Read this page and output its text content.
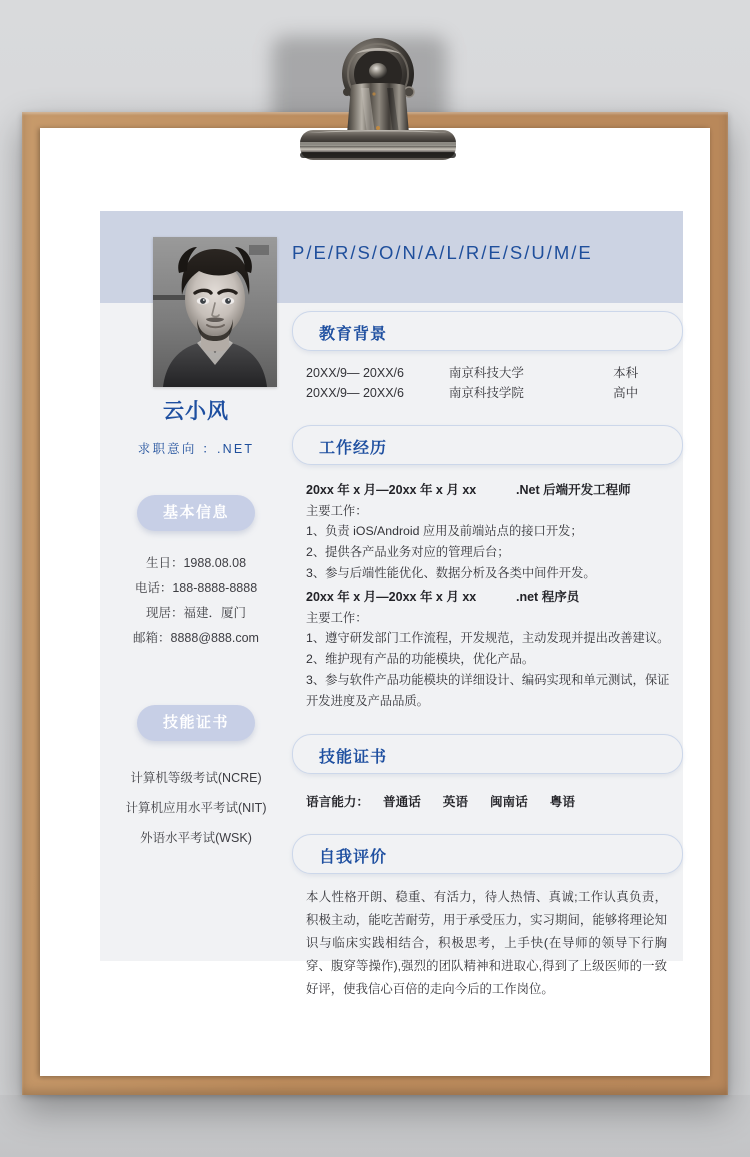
P/E/R/S/O/N/A/L/R/E/S/U/M/E
云小风
求职意向 ：.NET
基本信息
生日：1988.08.08
电话：188-8888-8888
现居：福建．厦门
邮箱：8888@888.com
技能证书
计算机等级考试(NCRE)
计算机应用水平考试(NIT)
外语水平考试(WSK)
教育背景
20XX/9— 20XX/6	南京科技大学	本科
20XX/9— 20XX/6	南京科技学院	高中
工作经历
20xx 年 x 月—20xx 年 x 月 xx	.Net 后端开发工程师
主要工作：
1、负责 iOS/Android 应用及前端站点的接口开发；
2、提供各产品业务对应的管理后台；
3、参与后端性能优化、数据分析及各类中间件开发。
20xx 年 x 月—20xx 年 x 月 xx	.net 程序员
主要工作：
1、遵守研发部门工作流程，开发规范，主动发现并提出改善建议。
2、维护现有产品的功能模块，优化产品。
3、参与软件产品功能模块的详细设计、编码实现和单元测试，保证开发进度及产品品质。
技能证书
语言能力： 普通话 英语 闽南话 粤语
自我评价
本人性格开朗、稳重、有活力，待人热情、真诚;工作认真负责，积极主动，能吃苦耐劳，用于承受压力，实习期间，能够将理论知识与临床实践相结合，积极思考，上手快(在导师的领导下行胸穿、腹穿等操作),强烈的团队精神和进取心,得到了上级医师的一致好评，使我信心百倍的走向今后的工作岗位。
